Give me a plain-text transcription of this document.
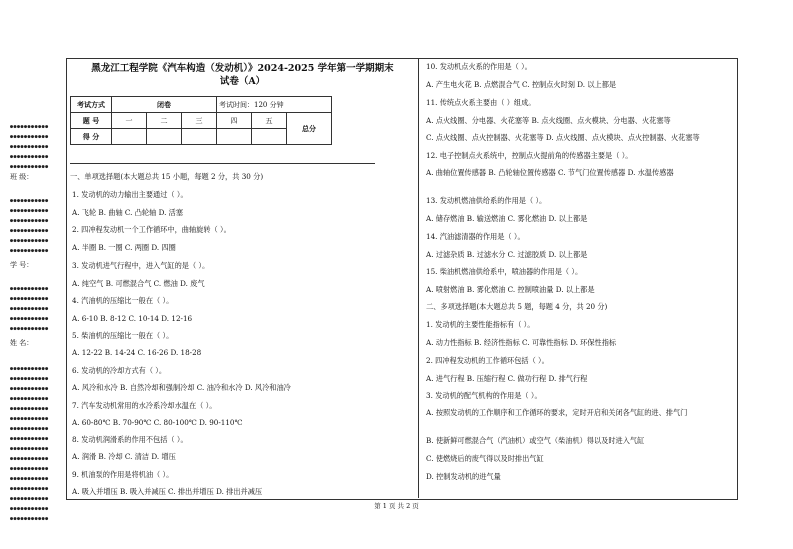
●●●●●●●●●●●
●●●●●●●●●●●
●●●●●●●●●●●
●●●●●●●●●●●
●●●●●●●●●●●
班 级：
●●●●●●●●●●●
●●●●●●●●●●●
●●●●●●●●●●●
●●●●●●●●●●●
●●●●●●●●●●●
●●●●●●●●●●●
学 号：
●●●●●●●●●●●
●●●●●●●●●●●
●●●●●●●●●●●
●●●●●●●●●●●
●●●●●●●●●●●
姓 名：
●●●●●●●●●●●
●●●●●●●●●●●
●●●●●●●●●●●
●●●●●●●●●●●
●●●●●●●●●●●
●●●●●●●●●●●
●●●●●●●●●●●
●●●●●●●●●●●
●●●●●●●●●●●
●●●●●●●●●●●
●●●●●●●●●●●
●●●●●●●●●●●
●●●●●●●●●●●
●●●●●●●●●●●
●●●●●●●●●●●
●●●●●●●●●●●
黑龙江工程学院《汽车构造（发动机）》2024-2025 学年第一学期期末
试卷（A）
考试方式	闭卷			考试时间：120 分钟		
题 号	一	二	三	四	五	总分
得 分						
一、单项选择题(本大题总共 15 小题，每题 2 分，共 30 分)
1. 发动机的动力输出主要通过（ ）。
A. 飞轮 B. 曲轴 C. 凸轮轴 D. 活塞
2. 四冲程发动机一个工作循环中，曲轴旋转（ ）。
A. 半圈 B. 一圈 C. 两圈 D. 四圈
3. 发动机进气行程中，进入气缸的是（ ）。
A. 纯空气 B. 可燃混合气 C. 燃油 D. 废气
4. 汽油机的压缩比一般在（ ）。
A. 6-10 B. 8-12 C. 10-14 D. 12-16
5. 柴油机的压缩比一般在（ ）。
A. 12-22 B. 14-24 C. 16-26 D. 18-28
6. 发动机的冷却方式有（ ）。
A. 风冷和水冷 B. 自然冷却和强制冷却 C. 油冷和水冷 D. 风冷和油冷
7. 汽车发动机常用的水冷系冷却水温在（ ）。
A. 60-80℃ B. 70-90℃ C. 80-100℃ D. 90-110℃
8. 发动机润滑系的作用不包括（ ）。
A. 润滑 B. 冷却 C. 清洁 D. 增压
9. 机油泵的作用是将机油（ ）。
A. 吸入并增压 B. 吸入并减压 C. 排出并增压 D. 排出并减压
10. 发动机点火系的作用是（ ）。
A. 产生电火花 B. 点燃混合气 C. 控制点火时刻 D. 以上都是
11. 传统点火系主要由（ ）组成。
A. 点火线圈、分电器、火花塞等 B. 点火线圈、点火模块、分电器、火花塞等
C. 点火线圈、点火控制器、火花塞等 D. 点火线圈、点火模块、点火控制器、火花塞等
12. 电子控制点火系统中，控制点火提前角的传感器主要是（ ）。
A. 曲轴位置传感器 B. 凸轮轴位置传感器 C. 节气门位置传感器 D. 水温传感器
13. 发动机燃油供给系的作用是（ ）。
A. 储存燃油 B. 输送燃油 C. 雾化燃油 D. 以上都是
14. 汽油滤清器的作用是（ ）。
A. 过滤杂质 B. 过滤水分 C. 过滤胶质 D. 以上都是
15. 柴油机燃油供给系中，喷油器的作用是（ ）。
A. 喷射燃油 B. 雾化燃油 C. 控制喷油量 D. 以上都是
二、多项选择题(本大题总共 5 题，每题 4 分，共 20 分)
1. 发动机的主要性能指标有（ ）。
A. 动力性指标 B. 经济性指标 C. 可靠性指标 D. 环保性指标
2. 四冲程发动机的工作循环包括（ ）。
A. 进气行程 B. 压缩行程 C. 做功行程 D. 排气行程
3. 发动机的配气机构的作用是（ ）。
A. 按照发动机的工作顺序和工作循环的要求，定时开启和关闭各气缸的进、排气门
B. 使新鲜可燃混合气（汽油机）或空气（柴油机）得以及时进入气缸
C. 使燃烧后的废气得以及时排出气缸
D. 控制发动机的进气量
第 1 页 共 2 页
